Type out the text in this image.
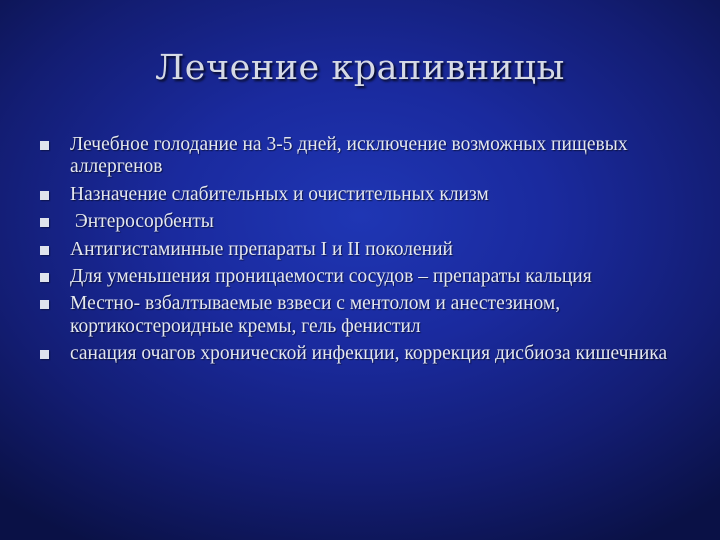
Лечение крапивницы
Лечебное голодание на 3-5 дней, исключение возможных пищевых аллергенов
Назначение слабительных и очистительных клизм
Энтеросорбенты
Антигистаминные препараты I и II поколений
Для уменьшения проницаемости сосудов – препараты кальция
Местно- взбалтываемые взвеси с ментолом и анестезином, кортикостероидные кремы, гель фенистил
санация очагов хронической инфекции, коррекция дисбиоза кишечника
